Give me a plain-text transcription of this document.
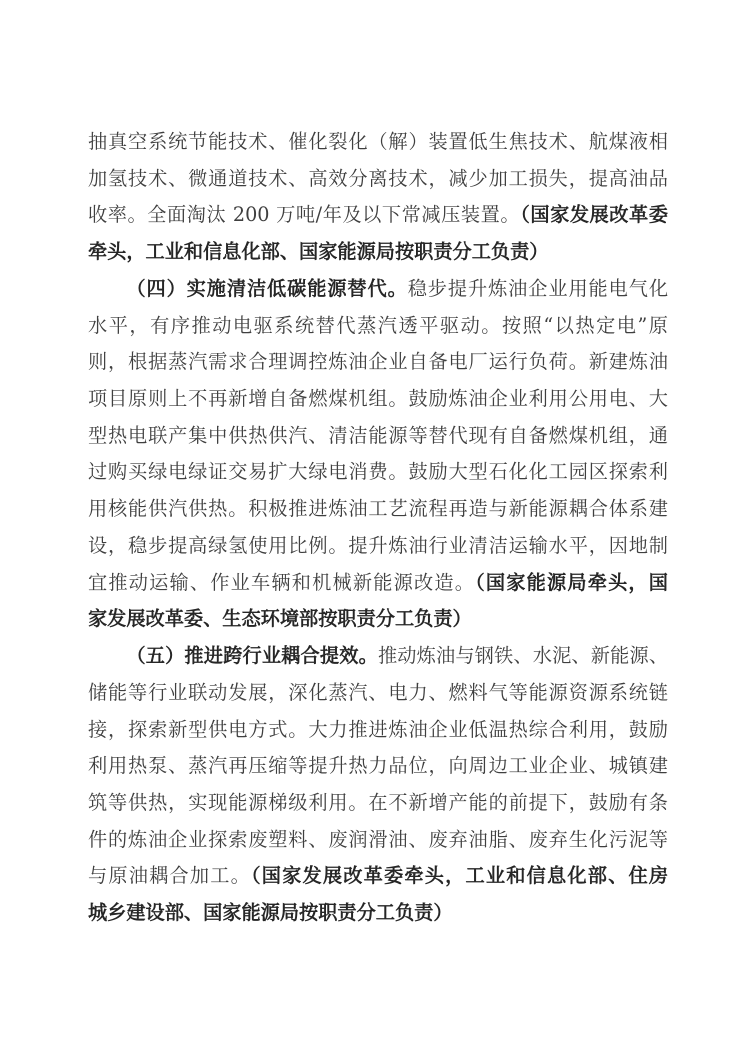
抽真空系统节能技术、催化裂化（解）装置低生焦技术、航煤液相
加氢技术、微通道技术、高效分离技术，减少加工损失，提高油品
收率。全面淘汰 200 万吨/年及以下常减压装置。（国家发展改革委
牵头，工业和信息化部、国家能源局按职责分工负责）
（四）实施清洁低碳能源替代。稳步提升炼油企业用能电气化
水平，有序推动电驱系统替代蒸汽透平驱动。按照“以热定电”原
则，根据蒸汽需求合理调控炼油企业自备电厂运行负荷。新建炼油
项目原则上不再新增自备燃煤机组。鼓励炼油企业利用公用电、大
型热电联产集中供热供汽、清洁能源等替代现有自备燃煤机组，通
过购买绿电绿证交易扩大绿电消费。鼓励大型石化化工园区探索利
用核能供汽供热。积极推进炼油工艺流程再造与新能源耦合体系建
设，稳步提高绿氢使用比例。提升炼油行业清洁运输水平，因地制
宜推动运输、作业车辆和机械新能源改造。（国家能源局牵头，国
家发展改革委、生态环境部按职责分工负责）
（五）推进跨行业耦合提效。推动炼油与钢铁、水泥、新能源、
储能等行业联动发展，深化蒸汽、电力、燃料气等能源资源系统链
接，探索新型供电方式。大力推进炼油企业低温热综合利用，鼓励
利用热泵、蒸汽再压缩等提升热力品位，向周边工业企业、城镇建
筑等供热，实现能源梯级利用。在不新增产能的前提下，鼓励有条
件的炼油企业探索废塑料、废润滑油、废弃油脂、废弃生化污泥等
与原油耦合加工。（国家发展改革委牵头，工业和信息化部、住房
城乡建设部、国家能源局按职责分工负责）
